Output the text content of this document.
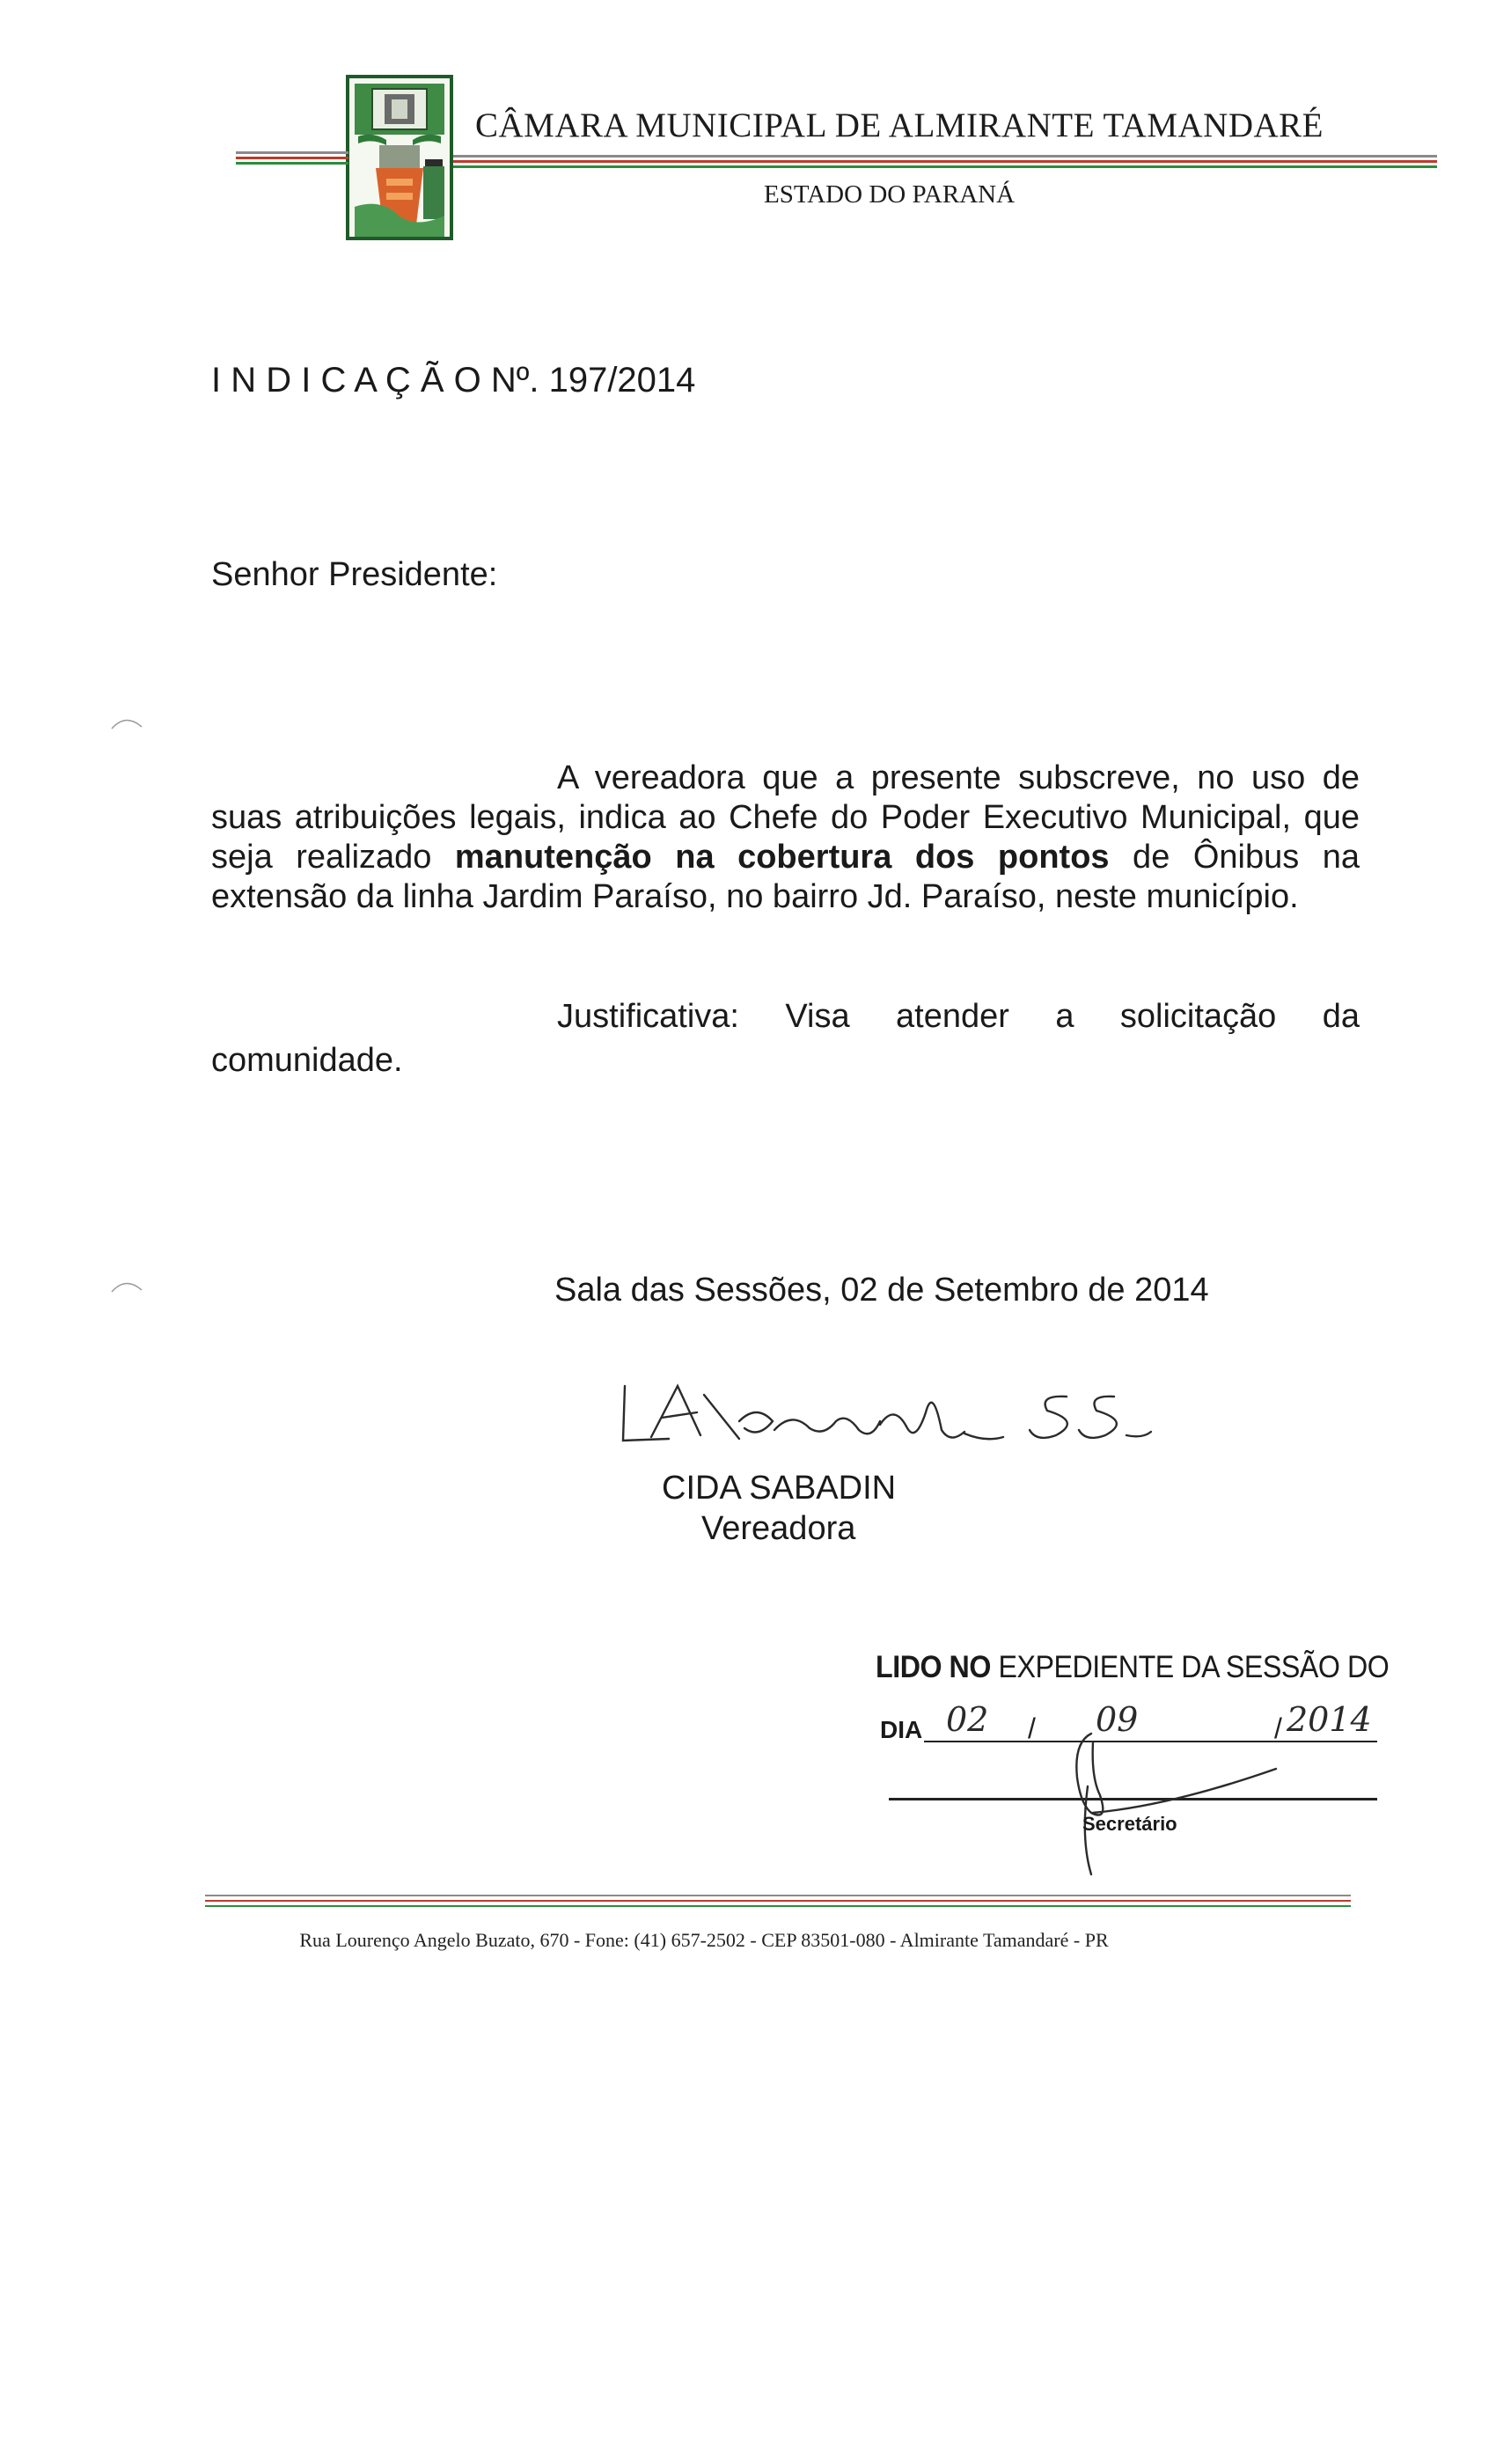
CÂMARA MUNICIPAL DE ALMIRANTE TAMANDARÉ
ESTADO DO PARANÁ
I N D I C A Ç Ã O Nº. 197/2014
Senhor Presidente:
A vereadora que a presente subscreve, no uso de suas atribuições legais, indica ao Chefe do Poder Executivo Municipal, que seja realizado manutenção na cobertura dos pontos de Ônibus na extensão da linha Jardim Paraíso, no bairro Jd. Paraíso, neste município.
Justificativa: Visa atender a solicitação da
comunidade.
Sala das Sessões, 02 de Setembro de 2014
CIDA SABADIN
Vereadora
LIDO NO EXPEDIENTE DA SESSÃO DO
DIA 02 / 09	/ 2014
Secretário
Rua Lourenço Angelo Buzato, 670 - Fone: (41) 657-2502 - CEP 83501-080 - Almirante Tamandaré - PR
